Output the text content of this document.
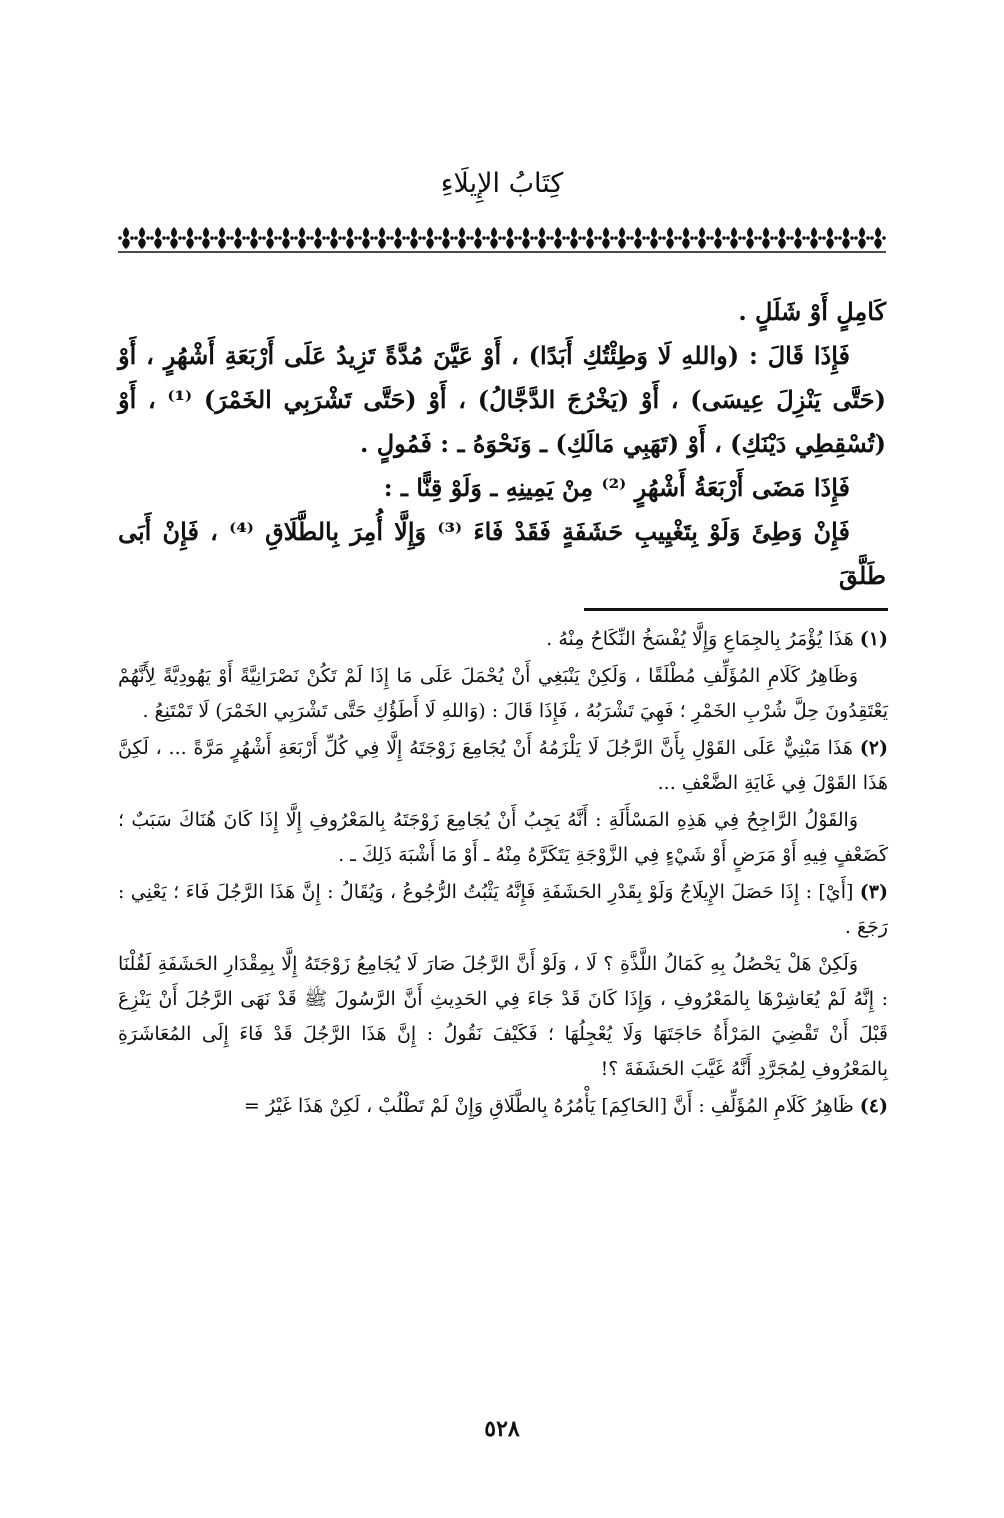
كِتَابُ الإِيلَاءِ

كَامِلٍ أَوْ شَلَلٍ .

فَإِذَا قَالَ : (واللهِ لَا وَطِئْتُكِ أَبَدًا) ، أَوْ عَيَّنَ مُدَّةً تَزِيدُ عَلَى أَرْبَعَةِ أَشْهُرٍ ، أَوْ (حَتَّى يَنْزِلَ عِيسَى) ، أَوْ (يَخْرُجَ الدَّجَّالُ) ، أَوْ (حَتَّى تَشْرَبِي الخَمْرَ) ⁽¹⁾ ، أَوْ (تُسْقِطِي دَيْنَكِ) ، أَوْ (تَهَبِي مَالَكِ) ـ وَنَحْوَهُ ـ : فَمُولٍ .

فَإِذَا مَضَى أَرْبَعَةُ أَشْهُرٍ ⁽²⁾ مِنْ يَمِينِهِ ـ وَلَوْ قِنًّا ـ :

فَإِنْ وَطِئَ وَلَوْ بِتَغْيِيبِ حَشَفَةٍ فَقَدْ فَاءَ ⁽³⁾ وَإِلَّا أُمِرَ بِالطَّلَاقِ ⁽⁴⁾ ، فَإِنْ أَبَى طَلَّقَ

(١) هَذَا يُؤْمَرُ بِالجِمَاعِ وَإِلَّا يُفْسَخُ النِّكَاحُ مِنْهُ .

وَظَاهِرُ كَلَامِ المُؤَلِّفِ مُطْلَقًا ، وَلَكِنْ يَنْبَغِي أَنْ يُحْمَلَ عَلَى مَا إِذَا لَمْ تَكُنْ نَصْرَانِيَّةً أَوْ يَهُودِيَّةً لِأَنَّهُمْ يَعْتَقِدُونَ حِلَّ شُرْبِ الخَمْرِ ؛ فَهِيَ تَشْرَبُهُ ، فَإِذَا قَالَ : (وَاللهِ لَا أَطَؤُكِ حَتَّى تَشْرَبِي الخَمْرَ) لَا تَمْتَنِعُ .

(٢) هَذَا مَبْنِيٌّ عَلَى القَوْلِ بِأَنَّ الرَّجُلَ لَا يَلْزَمُهُ أَنْ يُجَامِعَ زَوْجَتَهُ إِلَّا فِي كُلِّ أَرْبَعَةِ أَشْهُرٍ مَرَّةً ... ، لَكِنَّ هَذَا القَوْلَ فِي غَايَةِ الضَّعْفِ ...

وَالقَوْلُ الرَّاجِحُ فِي هَذِهِ المَسْأَلَةِ : أَنَّهُ يَجِبُ أَنْ يُجَامِعَ زَوْجَتَهُ بِالمَعْرُوفِ إِلَّا إِذَا كَانَ هُنَاكَ سَبَبٌ ؛ كَضَعْفٍ فِيهِ أَوْ مَرَضٍ أَوْ شَيْءٍ فِي الزَّوْجَةِ يَتَكَرَّهُ مِنْهُ ـ أَوْ مَا أَشْبَهَ ذَلِكَ ـ .

(٣) [أَيْ] : إِذَا حَصَلَ الإِيلَاجُ وَلَوْ بِقَدْرِ الحَشَفَةِ فَإِنَّهُ يَثْبُتُ الرُّجُوعُ ، وَيُقَالُ : إِنَّ هَذَا الرَّجُلَ فَاءَ ؛ يَعْنِي : رَجَعَ .

وَلَكِنْ هَلْ يَحْصُلُ بِهِ كَمَالُ اللَّذَّةِ ؟ لَا ، وَلَوْ أَنَّ الرَّجُلَ صَارَ لَا يُجَامِعُ زَوْجَتَهُ إِلَّا بِمِقْدَارِ الحَشَفَةِ لَقُلْنَا : إِنَّهُ لَمْ يُعَاشِرْهَا بِالمَعْرُوفِ ، وَإِذَا كَانَ قَدْ جَاءَ فِي الحَدِيثِ أَنَّ الرَّسُولَ ﷺ قَدْ نَهَى الرَّجُلَ أَنْ يَنْزِعَ قَبْلَ أَنْ تَقْضِيَ المَرْأَةُ حَاجَتَهَا وَلَا يُعْجِلُهَا ؛ فَكَيْفَ نَقُولُ : إِنَّ هَذَا الرَّجُلَ قَدْ فَاءَ إِلَى المُعَاشَرَةِ بِالمَعْرُوفِ لِمُجَرَّدِ أَنَّهُ غَيَّبَ الحَشَفَةَ ؟!

(٤) ظَاهِرُ كَلَامِ المُؤَلِّفِ : أَنَّ [الحَاكِمَ] يَأْمُرُهُ بِالطَّلَاقِ وَإِنْ لَمْ تَطْلُبْ ، لَكِنْ هَذَا غَيْرُ =

٥٢٨
